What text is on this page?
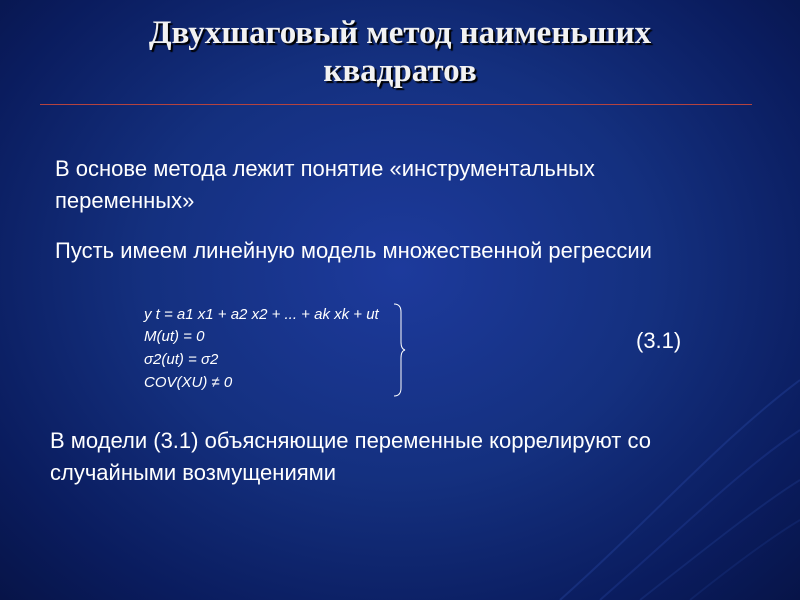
Двухшаговый метод наименьших
квадратов
В основе метода лежит понятие «инструментальных переменных»
Пусть имеем линейную модель множественной регрессии
y t = a1 x1 + a2 x2 + ... + ak xk + ut
M(ut) = 0
σ2(ut) = σ2
COV(XU) ≠ 0
(3.1)
В модели (3.1) объясняющие переменные коррелируют со случайными возмущениями
